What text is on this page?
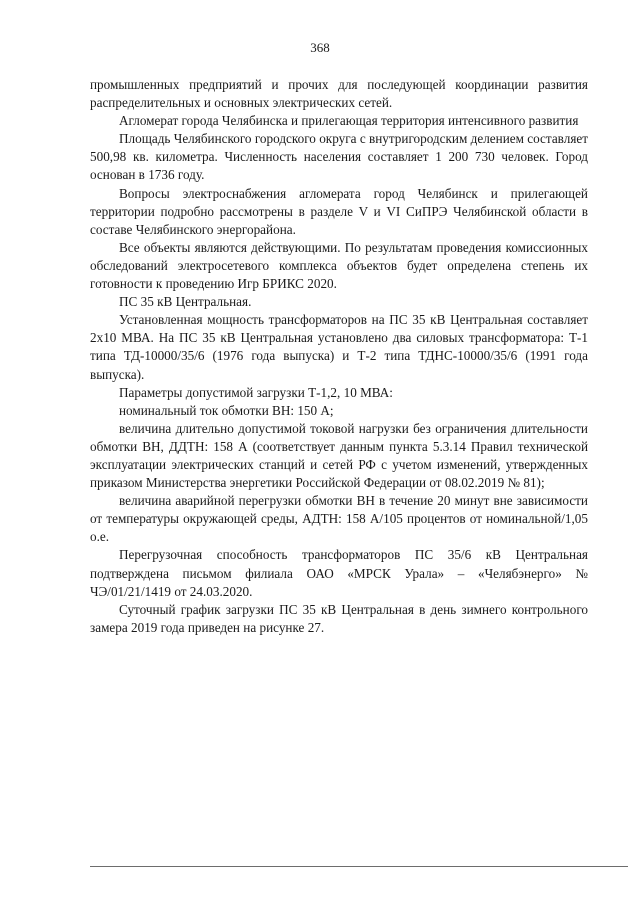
368

промышленных предприятий и прочих для последующей координации развития распределительных и основных электрических сетей.

Агломерат города Челябинска и прилегающая территория интенсивного развития

Площадь Челябинского городского округа с внутригородским делением составляет 500,98 кв. километра. Численность населения составляет 1 200 730 человек. Город основан в 1736 году.

Вопросы электроснабжения агломерата город Челябинск и прилегающей территории подробно рассмотрены в разделе V и VI СиПРЭ Челябинской области в составе Челябинского энергорайона.

Все объекты являются действующими. По результатам проведения комиссионных обследований электросетевого комплекса объектов будет определена степень их готовности к проведению Игр БРИКС 2020.

ПС 35 кВ Центральная.

Установленная мощность трансформаторов на ПС 35 кВ Центральная составляет 2х10 МВА. На ПС 35 кВ Центральная установлено два силовых трансформатора: Т-1 типа ТД-10000/35/6 (1976 года выпуска) и Т-2 типа ТДНС-10000/35/6 (1991 года выпуска).

Параметры допустимой загрузки Т-1,2, 10 МВА:

номинальный ток обмотки ВН: 150 А;

величина длительно допустимой токовой нагрузки без ограничения длительности обмотки ВН, ДДТН: 158 А (соответствует данным пункта 5.3.14 Правил технической эксплуатации электрических станций и сетей РФ с учетом изменений, утвержденных приказом Министерства энергетики Российской Федерации от 08.02.2019 № 81);

величина аварийной перегрузки обмотки ВН в течение 20 минут вне зависимости от температуры окружающей среды, АДТН: 158 А/105 процентов от номинальной/1,05 о.е.

Перегрузочная способность трансформаторов ПС 35/6 кВ Центральная подтверждена письмом филиала ОАО «МРСК Урала» – «Челябэнерго» № ЧЭ/01/21/1419 от 24.03.2020.

Суточный график загрузки ПС 35 кВ Центральная в день зимнего контрольного замера 2019 года приведен на рисунке 27.
